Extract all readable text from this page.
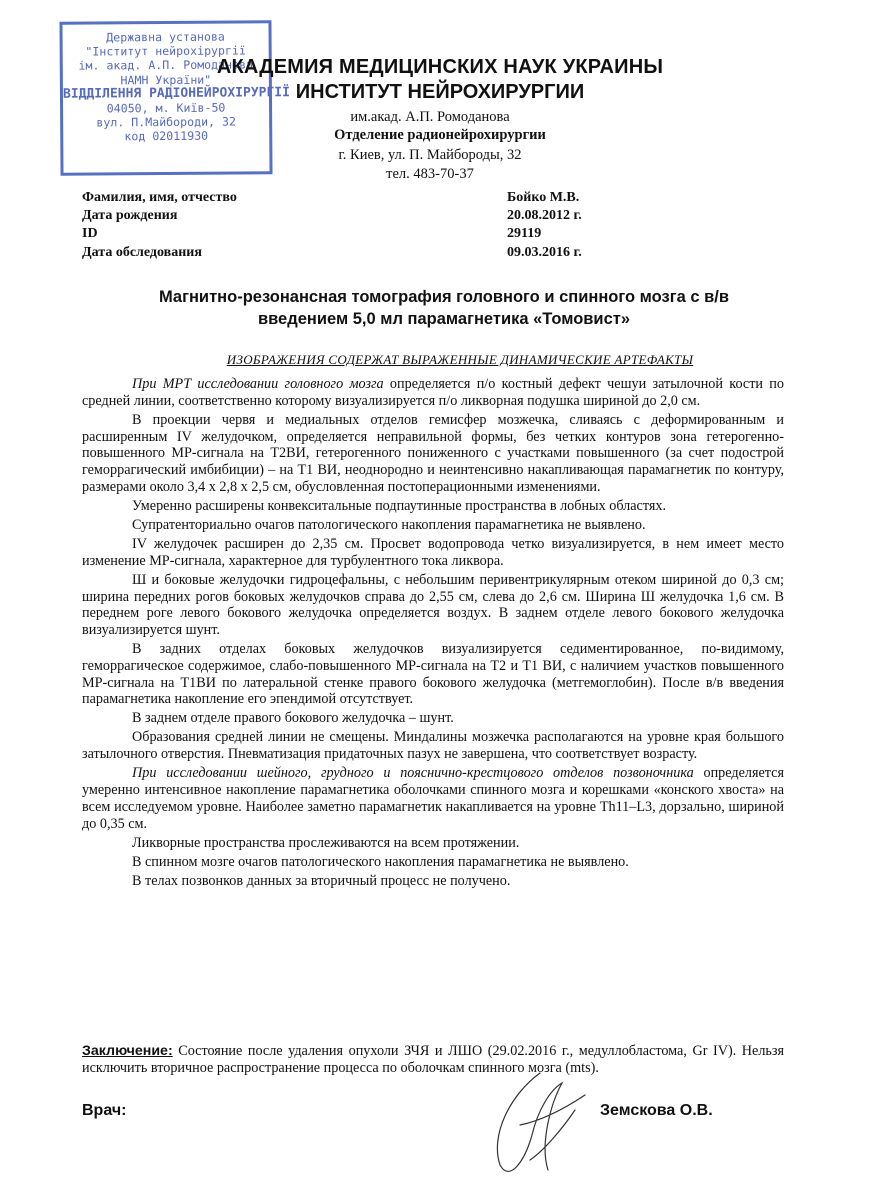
Державна установа
"Інститут нейрохірургії
ім. акад. А.П. Ромоданова
НАМН України"
ВІДДІЛЕННЯ РАДІОНЕЙРОХІРУРГІЇ
04050, м. Київ-50
вул. П.Майбороди, 32
код 02011930
АКАДЕМИЯ МЕДИЦИНСКИХ НАУК УКРАИНЫ
ИНСТИТУТ НЕЙРОХИРУРГИИ
им.акад. А.П. Ромоданова
Отделение радионейрохирургии
г. Киев, ул. П. Майбороды, 32
тел. 483-70-37
Фамилия, имя, отчество	Бойко М.В.
Дата рождения	20.08.2012 г.
ID	29119
Дата обследования	09.03.2016 г.
Магнитно-резонансная томография головного и спинного мозга с в/в
введением 5,0 мл парамагнетика «Томовист»
ИЗОБРАЖЕНИЯ СОДЕРЖАТ ВЫРАЖЕННЫЕ ДИНАМИЧЕСКИЕ АРТЕФАКТЫ

При МРТ исследовании головного мозга определяется п/о костный дефект чешуи затылочной кости по средней линии, соответственно которому визуализируется п/о ликворная подушка шириной до 2,0 см.

В проекции червя и медиальных отделов гемисфер мозжечка, сливаясь с деформированным и расширенным IV желудочком, определяется неправильной формы, без четких контуров зона гетерогенно-повышенного МР-сигнала на Т2ВИ, гетерогенного пониженного с участками повышенного (за счет подострой геморрагический имбибиции) – на Т1 ВИ, неоднородно и неинтенсивно накапливающая парамагнетик по контуру, размерами около 3,4 x 2,8 x 2,5 см, обусловленная постоперационными изменениями.

Умеренно расширены конвекситальные подпаутинные пространства в лобных областях.

Супратенториально очагов патологического накопления парамагнетика не выявлено.

IV желудочек расширен до 2,35 см. Просвет водопровода четко визуализируется, в нем имеет место изменение МР-сигнала, характерное для турбулентного тока ликвора.

Ш и боковые желудочки гидроцефальны, с небольшим перивентрикулярным отеком шириной до 0,3 см; ширина передних рогов боковых желудочков справа до 2,55 см, слева до 2,6 см. Ширина Ш желудочка 1,6 см. В переднем роге левого бокового желудочка определяется воздух. В заднем отделе левого бокового желудочка визуализируется шунт.

В задних отделах боковых желудочков визуализируется седиментированное, по-видимому, геморрагическое содержимое, слабо-повышенного МР-сигнала на Т2 и Т1 ВИ, с наличием участков повышенного МР-сигнала на Т1ВИ по латеральной стенке правого бокового желудочка (метгемоглобин). После в/в введения парамагнетика накопление его эпендимой отсутствует.

В заднем отделе правого бокового желудочка – шунт.

Образования средней линии не смещены. Миндалины мозжечка располагаются на уровне края большого затылочного отверстия. Пневматизация придаточных пазух не завершена, что соответствует возрасту.

При исследовании шейного, грудного и пояснично-крестцового отделов позвоночника определяется умеренно интенсивное накопление парамагнетика оболочками спинного мозга и корешками «конского хвоста» на всем исследуемом уровне. Наиболее заметно парамагнетик накапливается на уровне Th11–L3, дорзально, шириной до 0,35 см.

Ликворные пространства прослеживаются на всем протяжении.

В спинном мозге очагов патологического накопления парамагнетика не выявлено.

В телах позвонков данных за вторичный процесс не получено.

Заключение: Состояние после удаления опухоли ЗЧЯ и ЛШО (29.02.2016 г., медуллобластома, Gr IV). Нельзя исключить вторичное распространение процесса по оболочкам спинного мозга (mts).
Врач:	Земскова О.В.
